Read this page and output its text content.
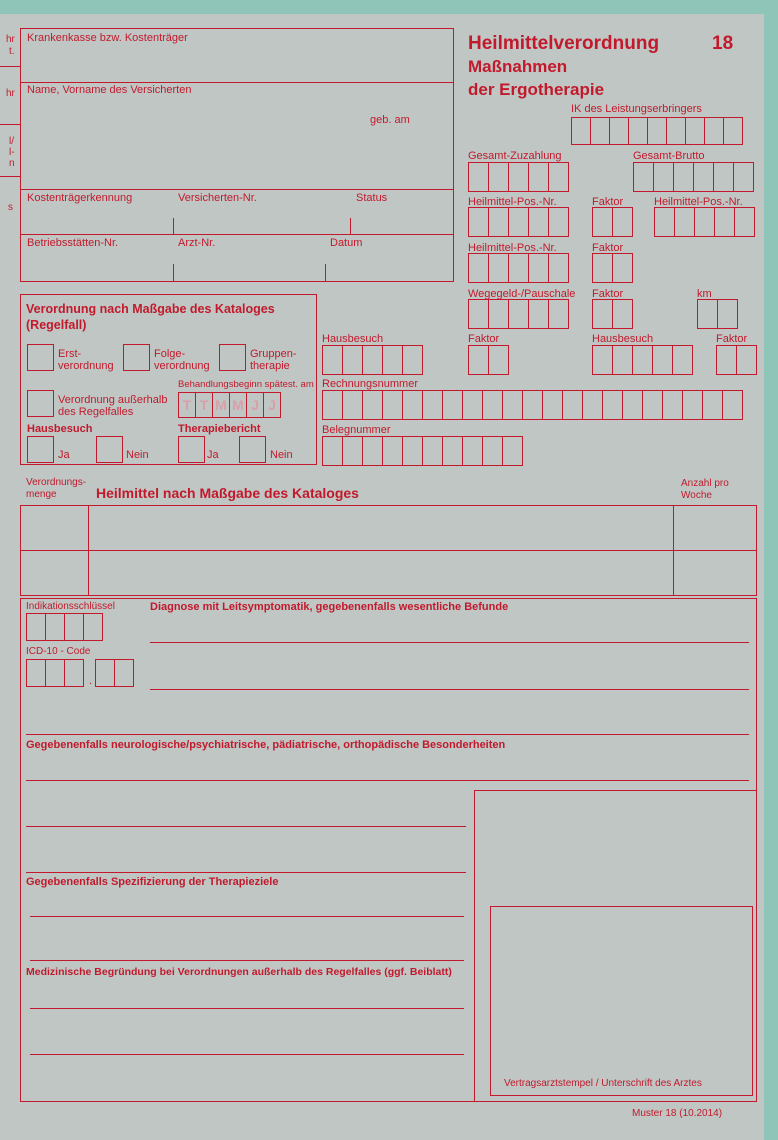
hr
t.
hr
l/
l-
n
s
Heilmittelverordnung	18
Maßnahmen
der Ergotherapie
Krankenkasse bzw. Kostenträger
Name, Vorname des Versicherten
geb. am
Kostenträgerkennung	Versicherten-Nr.	Status
Betriebsstätten-Nr.	Arzt-Nr.	Datum
IK des Leistungserbringers
Gesamt-Zuzahlung	Gesamt-Brutto
Heilmittel-Pos.-Nr.	Faktor	Heilmittel-Pos.-Nr.
Heilmittel-Pos.-Nr.	Faktor
Wegegeld-/Pauschale Faktor	km
Hausbesuch	Faktor	Hausbesuch	Faktor
Rechnungsnummer
Belegnummer
Verordnung nach Maßgabe des Kataloges
(Regelfall)
Erst-
verordnung
Folge-
verordnung
Gruppen-
therapie
Verordnung außerhalb
des Regelfalles
Behandlungsbeginn spätest. am
T T M M J J
Hausbesuch
Ja	Nein
Therapiebericht
Ja	Nein
Verordnungs-
menge	Heilmittel nach Maßgabe des Kataloges
Anzahl pro
Woche
Indikationsschlüssel
ICD-10 - Code
.
Diagnose mit Leitsymptomatik, gegebenenfalls wesentliche Befunde
Gegebenenfalls neurologische/psychiatrische, pädiatrische, orthopädische Besonderheiten
Gegebenenfalls Spezifizierung der Therapieziele
Medizinische Begründung bei Verordnungen außerhalb des Regelfalles (ggf. Beiblatt)
Vertragsarztstempel / Unterschrift des Arztes
Muster 18 (10.2014)
